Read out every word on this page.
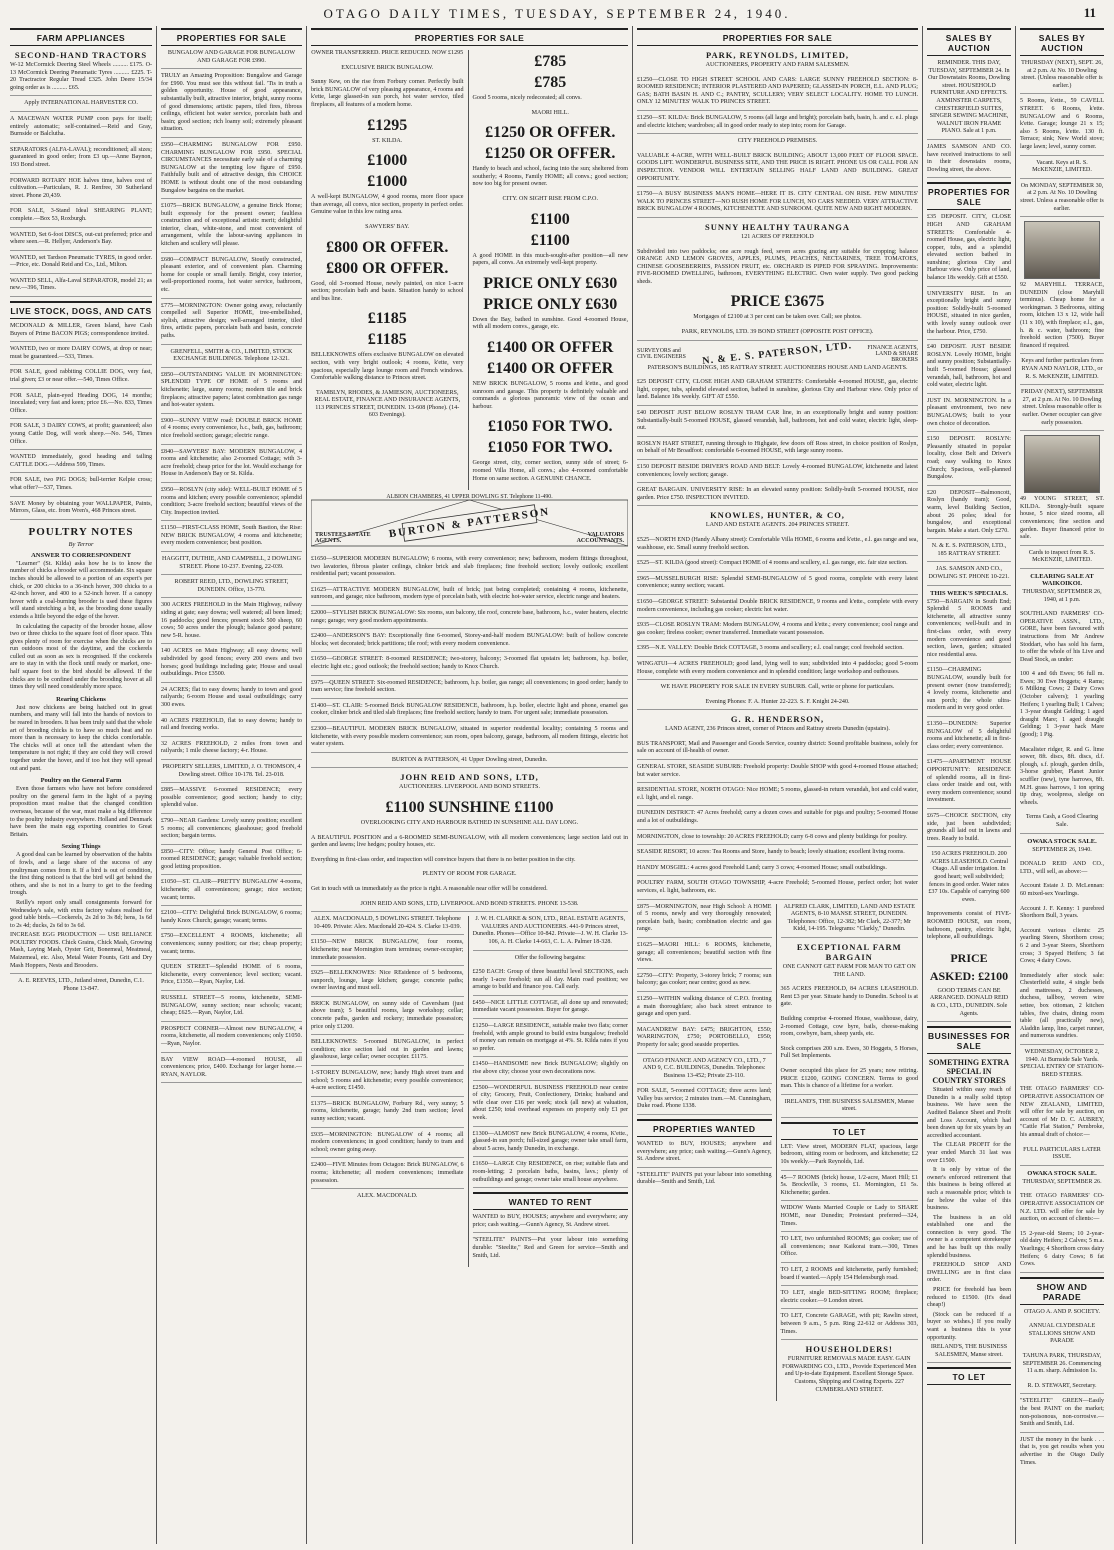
OTAGO DAILY TIMES, TUESDAY, SEPTEMBER 24, 1940.	11
FARM APPLIANCES
SECOND-HAND TRACTORS
W-12 McCormick Deering Steel Wheels .......... £175. O-13 McCormick Deering Pneumatic Tyres .......... £225. T-20 Tractractor Regular Tread £325. John Deere 15/34 going order as is .......... £65.
Apply INTERNATIONAL HARVESTER CO.
A MACEWAN WATER PUMP coon pays for itself; entirely automatic; self-contained.—Reid and Gray, Burnside or Balclutha.
SEPARATORS (ALFA-LAVAL); reconditioned; all sizes; guaranteed in good order; from £3 up.—Anne Baynon, 193 Bond street.
FORWARD ROTARY HOE halves time, halves cost of cultivation.—Particulars, R. J. Renfree, 30 Sutherland street. Phone 20,439.
FOR SALE, 3-Stand Ideal SHEARING PLANT; complete.—Box 53, Roxburgh.
WANTED, Set 6-foot DISCS, out-cut preferred; price and where seen.—R. Hellyer, Anderson's Bay.
WANTED, set Tardson Pneumatic TYRES, in good order.—Price, etc. Donald Reid and Co., Ltd., Milton.
WANTED SELL, Alfa-Laval SEPARATOR, model 21; as new.—396, Times.
LIVE STOCK, DOGS, AND CATS
MCDONALD & MILLER, Green Island, have Cash Buyers of Prime BACON PIGS; correspondence invited.
WANTED, two or more DAIRY COWS, at drop or near; must be guaranteed.—533, Times.
FOR SALE, good rabbiting COLLIE DOG, very fast, trial given; £3 or near offer.—540, Times Office.
FOR SALE, plain-eyed Heading DOG, 14 months; inoculated; very fast and keen; price £6.—No. 833, Times Office.
FOR SALE, 3 DAIRY COWS, at profit; guaranteed; also young Cattle Dog, will work sheep.—No. 546, Times Office.
WANTED immediately, good heading and tailing CATTLE DOG.—Address 599, Times.
FOR SALE, two PIG DOGS; bull-terrier Kelpie cross; what offer?—537, Times.
SAVE Money by obtaining your WALLPAPER, Paints, Mirrors, Glass, etc. from Wren's, 468 Princes street.
POULTRY NOTES
By Terror
ANSWER TO CORRESPONDENT

"Learner" (St. Kilda) asks how he is to know the number of chicks a brooder will accommodate. Six square inches should be allowed to a portion of an expert's per chick, or 200 chicks to a 36-inch hover, 300 chicks to a 42-inch hover, and 400 to a 52-inch hover. If a canopy hover with a coal-burning brooder is used these figures will stand stretching a bit, as the brooding done usually extends a little beyond the edge of the hover.

In calculating the capacity of the brooder house, allow two or three chicks to the square foot of floor space. This gives plenty of room for exercise when the chicks are to run outdoors most of the daytime, and the cockerels culled out as soon as sex is recognised. If the cockerels are to stay in with the flock until ready or market, one-half square foot to the bird should be allowed. If the chicks are to be confined under the brooding hover at all times they will need considerably more space.

Rearing Chickens

Just now chickens are being hatched out in great numbers, and many will fall into the hands of novices to be reared in brooders. It has been truly said that the whole art of brooding chicks is to have so much heat and no more than is necessary to keep the chicks comfortable. The chicks will at once tell the attendant when the temperature is not right; if they are cold they will crowd together under the hover, and if too hot they will spread out and pant.

Poultry on the General Farm

Even those farmers who have not before considered poultry on the general farm in the light of a paying proposition must realise that the changed condition overseas, because of the war, must make a big difference to the poultry industry everywhere. Holland and Denmark have been the main egg exporting countries to Great Britain.

Sexing Things

A good deal can be learned by observation of the habits of fowls, and a large share of the success of any poultryman comes from it. If a bird is out of condition, the first thing noticed is that the bird will get behind the others, and she is not in a hurry to get to the feeding trough.

Reilly's report only small consignments forward for Wednesday's sale, with extra factory values realised for good table birds.—Cockerels, 2s 2d to 3s 8d; hens, 1s 6d to 2s 4d; ducks, 2s 6d to 3s 6d.

INCREASE EGG PRODUCTION — USE RELIANCE POULTRY FOODS. Chick Grains, Chick Mash, Growing Mash, Laying Mash, Oyster Grit, Bonemeal, Meatmeal, Maizemeal, etc. Also, Metal Water Founts, Grit and Dry Mash Hoppers, Nests and Brooders.
A. E. REEVES, LTD., Jutland street, Dunedin, C.1. Phone 13-847.
PROPERTIES FOR SALE
BUNGALOW AND GARAGE FOR BUNGALOW AND GARAGE FOR £990.
TRULY an Amazing Proposition: Bungalow and Garage for £990. You must see this without fail. 'Tis in truth a golden opportunity. House of good appearance, substantially built, attractive interior, bright, sunny rooms of good dimensions; artistic papers, tiled fires, fibrous ceilings, efficient hot water service, porcelain bath and basin; good section; rich loamy soil; extremely pleasant situation.
£950—CHARMING BUNGALOW FOR £950. CHARMING BUNGALOW FOR £950. SPECIAL CIRCUMSTANCES necessitate early sale of a charming BUNGALOW at the tempting low figure of £950. Faithfully built and of attractive design, this CHOICE HOME is without doubt one of the most outstanding Bungalow bargains on the market.
£1075—BRICK BUNGALOW, a genuine Brick Home; built expressly for the present owner; faultless construction and of exceptional artistic merit; delightful interior, clean, white-stone, and most convenient of arrangement, while the labour-saving appliances in kitchen and scullery will please.
£680—COMPACT BUNGALOW, Stoutly constructed, pleasant exterior, and of convenient plan. Charming home for couple or small family. Bright, cosy interior, well-proportioned rooms, hot water service, bathroom, etc.
£775—MORNINGTON: Owner going away, reluctantly compelled sell Superior HOME, tree-embellished, stylish, attractive design; well-arranged interior, tiled fires, artistic papers, porcelain bath and basin, concrete paths.
GRENFELL, SMITH & CO., LIMITED, STOCK EXCHANGE BUILDINGS. Telephone 12-321.
£850—OUTSTANDING VALUE IN MORNINGTON: SPLENDID TYPE OF HOME of 5 rooms and kitchenette; large, sunny rooms; modern tile and brick fireplaces; attractive papers; latest combination gas range and hot-water system.
£900—SUNNY VIEW road: DOUBLE BRICK HOME of 4 rooms; every convenience, h.c., bath, gas, bathroom; nice freehold section; garage; electric range.
£840—SAWYERS' BAY: MODERN BUNGALOW, 4 rooms and kitchenette; also 2-roomed Cottage; with 3-acre freehold; cheap price for the lot. Would exchange for House in Anderson's Bay or St. Kilda.
£950—ROSLYN (city side): WELL-BUILT HOME of 5 rooms and kitchen; every possible convenience; splendid condition; 3-acre freehold section; beautiful views of the City. Inspection invited.
£1150—FIRST-CLASS HOME, South Bastion, the Rise: NEW BRICK BUNGALOW, 4 rooms and kitchenette; every modern convenience; best position.
HAGGITT, DUTHIE, AND CAMPBELL, 2 DOWLING STREET. Phone 10-237. Evening, 22-039.
ROBERT REED, LTD., DOWLING STREET, DUNEDIN. Office, 13-770.
300 ACRES FREEHOLD in the Main Highway, railway siding at gate; easy downs; well watered; all been limed; 16 paddocks; good fences; present stock 500 sheep, 60 cows; 50 acres under the plough; balance good pasture; new 5-R. house.
140 ACRES on Main Highway; all easy downs; well subdivided by good fences; every 200 ewes and two horses; good buildings including gate; House and usual outbuildings. Price £3500.
24 ACRES; flat to easy downs; handy to town and good railyards; 6-room House and usual outbuildings; carry 300 ewes.
40 ACRES FREEHOLD, flat to easy downs; handy to rail and freezing works.
32 ACRES FREEHOLD, 2 miles from town and railyards; 1 mile cheese factory; 4-r. House.
PROPERTY SELLERS, LIMITED, J. O. THOMSON, 4 Dowling street. Office 10-178. Tel. 23-018.
£885—MASSIVE 6-roomed RESIDENCE; every possible convenience; good section; handy to city; splendid value.
£790—NEAR Gardens: Lovely sunny position; excellent 5 rooms; all conveniences; glasshouse; good freehold section; bargain terms.
£850—CITY: Office; handy General Post Office; 6-roomed RESIDENCE; garage; valuable freehold section; good letting proposition.
£1050—ST. CLAIR—PRETTY BUNGALOW 4-rooms, kitchenette; all conveniences; garage; nice section; vacant; terms.
£2100—CITY: Delightful Brick BUNGALOW, 6 rooms; handy Knox Church; garage; vacant; terms.
£750—EXCELLENT 4 ROOMS, kitchenette; all conveniences; sunny position; car rise; cheap property; vacant; terms.
QUEEN STREET—Splendid HOME of 6 rooms, kitchenette, every convenience; level section; vacant. Price, £1350.—Ryan, Naylor, Ltd.
RUSSELL STREET—5 rooms, kitchenette, SEMI-BUNGALOW, sunny section; near schools; vacant; cheap; £625.—Ryan, Naylor, Ltd.
PROSPECT CORNER—Almost new BUNGALOW, 4 rooms, kitchenette, all modern conveniences; only £1050.—Ryan, Naylor.
BAY VIEW ROAD—4-roomed HOUSE, all conveniences; price, £400. Exchange for larger home.—RYAN, NAYLOR.
PROPERTIES FOR SALE
OWNER TRANSFERRED. PRICE REDUCED. NOW £1295
EXCLUSIVE BRICK BUNGALOW.
Sunny Kew, on the rise from Forbury corner. Perfectly built brick BUNGALOW of very pleasing appearance, 4 rooms and k'ette, large glassed-in sun porch, hot water service, tiled fireplaces, all features of a modern home.
£1295
ST. KILDA.
£1000
£1000
A well-kept BUNGALOW, 4 good rooms, more floor space than average, all convs, nice section, property in perfect order. Genuine value in this low rating area.
SAWYERS' BAY.
£800 OR OFFER.
£800 OR OFFER.
Good, old 3-roomed House, newly painted, on nice 1-acre section; porcelain bath and basin. Situation handy to school and bus line.
£1185
£1185
BELLEKNOWES offers exclusive BUNGALOW on elevated section, with very bright outlook; 4 rooms, k'ette, very spacious, especially large lounge room and French windows. Comfortable walking distance to Princes street.
TAMBLYN, RHODES, & JAMIESON, AUCTIONEERS, REAL ESTATE, FINANCE AND INSURANCE AGENTS, 113 PRINCES STREET, DUNEDIN. 13-608 (Phone). (14-603 Evenings).
£785
£785
Good 5 rooms, nicely redecorated; all convs.
MAORI HILL.
£1250 OR OFFER.
£1250 OR OFFER.
Handy to beach and school, facing into the sun; sheltered from southerly; 4 Rooms, Family HOME; all convs.; good section; now too big for present owner.
CITY. ON SIGHT RISE FROM C.P.O.
£1100
£1100
A good HOME in this much-sought-after position—all new papers, all convs. An extremely well-kept property.
PRICE ONLY £630
PRICE ONLY £630
Down the Bay, bathed in sunshine. Good 4-roomed House, with all modern convs., garage, etc.
£1400 OR OFFER
£1400 OR OFFER
NEW BRICK BUNGALOW, 5 rooms and k'ette., and good sunroom and garage. This property is definitely valuable and commands a glorious panoramic view of the ocean and harbour.
£1050 FOR TWO.
£1050 FOR TWO.
George street, city, corner section, sunny side of street; 6-roomed Villa Home, all convs.; also 4-roomed comfortable Home on same section. A GENUINE CHANCE.
ALBION CHAMBERS, 41 UPPER DOWLING ST. Telephone 11-490.
BURTON & PATTERSON
TRUSTEES ESTATE AGENTS.
VALUATORS ACCOUNTANTS.
£1650—SUPERIOR MODERN BUNGALOW; 6 rooms, with every convenience; new; bathroom, modern fittings throughout, two lavatories, fibrous plaster ceilings, clinker brick and slab fireplaces; fine freehold section; lovely outlook; excellent residential part; vacant possession.
£1625—ATTRACTIVE MODERN BUNGALOW, built of brick; just being completed; containing 4 rooms, kitchenette, sunroom, and garage; nice bathroom, modern type of porcelain bath, with electric hot-water service, electric range and heaters.
£2000—STYLISH BRICK BUNGALOW: Six rooms, sun balcony, tile roof, concrete base, bathroom, h.c., water heaters, electric range; garage; very good modern appointments.
£2400—ANDERSON'S BAY: Exceptionally fine 6-roomed, Storey-and-half modern BUNGALOW: built of hollow concrete blocks; wet decorated; brick partitions; tile roof; with every modern convenience.
£1650—GEORGE STREET: 8-roomed RESIDENCE; two-storey, balcony; 3-roomed flat upstairs let; bathroom, h.p. boiler, electric light etc.; good outlook; the freehold section; handy to Knox Church.
£975—QUEEN STREET: Six-roomed RESIDENCE; bathroom, h.p. boiler, gas range; all conveniences; in good order; handy to tram service; fine freehold section.
£1400—ST. CLAIR: 5-roomed Brick BUNGALOW RESIDENCE, bathroom, h.p. boiler, electric light and phone, enamel gas cooker, clinker brick and tiled slab fireplaces; fine freehold section; handy to tram. For urgent sale; immediate possession.
£2300—BEAUTIFUL MODERN BRICK BUNGALOW, situated in superior residential locality; containing 5 rooms and kitchenette, with every possible modern convenience; sun room, open balcony, garage, bathroom, all modern fittings, electric hot water system.
BURTON & PATTERSON, 41 Upper Dowling street, Dunedin.
JOHN REID AND SONS, LTD,
AUCTIONEERS. LIVERPOOL AND BOND STREETS.
£1100 SUNSHINE £1100
OVERLOOKING CITY AND HARBOUR BATHED IN SUNSHINE ALL DAY LONG.
A BEAUTIFUL POSITION and a 6-ROOMED SEMI-BUNGALOW, with all modern conveniences; large section laid out in garden and lawns; live hedges; poultry houses, etc.
Everything in first-class order, and inspection will convince buyers that there is no better position in the city.
PLENTY OF ROOM FOR GARAGE.
Get in touch with us immediately as the price is right. A reasonable near offer will be considered.
JOHN REID AND SONS, LTD, LIVERPOOL AND BOND STREETS. PHONE 13-538.
ALEX. MACDONALD, 5 DOWLING STREET. Telephone 10-409. Private: Alex. Macdonald 20-424. S. Clarke 13-039.
£1150—NEW BRICK BUNGALOW, four rooms, kitchenette; near Mornington tram terminus; owner-occupier; immediate possession.
£925—BELLEKNOWES: Nice REsidence of 5 bedrooms, sunporch, lounge, large kitchen; garage; concrete paths; owner leaving and must sell.
BRICK BUNGALOW, on sunny side of Caversham (just above tram); 5 beautiful rooms, large workshop; cellar; concrete paths, garden and rockery; immediate possession; price only £1200.
BELLEKNOWES: 5-roomed BUNGALOW, in perfect condition; nice section laid out in garden and lawns; glasshouse, large cellar; owner occupier. £1175.
1-STOREY BUNGALOW, new; handy High street tram and school; 5 rooms and kitchenette; every possible convenience; 4-acre section; £1450.
£1375—BRICK BUNGALOW, Forbury Rd., very sunny; 5 rooms, kitchenette, garage; handy 2nd tram section; level sunny section; vacant.
£935—MORNINGTON: BUNGALOW of 4 rooms; all modern conveniences; in good condition; handy to tram and school; owner going away.
£2400—FIVE Minutes from Octagon: Brick BUNGALOW, 6 rooms; kitchenette; all modern conveniences; immediate possession.
ALEX. MACDONALD.
J. W. H. CLARKE & SON, LTD., REAL ESTATE AGENTS, VALUERS AND AUCTIONEERS. 441-9 Princes street, Dunedin. Phones—Office 10-842. Private—J. W. H. Clarke 13-106, A. H. Clarke 14-663, C. L. A. Palmer 18-328.
Offer the following bargains:
£250 EACH: Group of three beautiful level SECTIONS, each nearly 1-acre freehold; sun all day. Main road position; we arrange to build and finance you. Call early.
£450—NICE LITTLE COTTAGE, all done up and renovated; immediate vacant possession. Buyer for garage.
£1250—LARGE RESIDENCE, suitable make two flats; corner freehold, with ample ground to build extra bungalow; freehold of money can remain on mortgage at 4%. St. Kilda rates if you so prefer.
£1450—HANDSOME new Brick BUNGALOW; slightly on rise above city; choose your own decorations now.
£2500—WONDERFUL BUSINESS FREEHOLD near centre of city; Grocery, Fruit, Confectionery, Drinks; husband and wife clear over £16 per week; stock (all new) at valuation, about £250; total overhead expenses on property only £1 per week.
£1300—ALMOST new Brick BUNGALOW, 4 rooms, K'ette., glassed-in sun porch; full-sized garage; owner take small farm, about 5 acres, handy Dunedin, in exchange.
£1650—LARGE City RESIDENCE, on rise; suitable flats and room-letting; 2 porcelain baths, basins, lavs.; plenty of outbuildings and garage; owner take small house anywhere.
WANTED TO RENT
WANTED to BUY, HOUSES; anywhere and everywhere; any price; cash waiting.—Gunn's Agency, St. Andrew street.
"STEELITE" PAINTS—Put your labour into something durable: "Steelite," Red and Green for service—Smith and Smith, Ltd.
PROPERTIES FOR SALE
PARK, REYNOLDS, LIMITED,
AUCTIONEERS, PROPERTY AND FARM SALESMEN.
£1250—CLOSE TO HIGH STREET SCHOOL AND CARS: LARGE SUNNY FREEHOLD SECTION: 8-ROOMED RESIDENCE; INTERIOR PLASTERED AND PAPERED; GLASSED-IN PORCH, E.L. AND PLUG; GAS; BATH BASIN H. AND C.; PANTRY, SCULLERY; VERY SELECT LOCALITY. HOME TO LUNCH. ONLY 12 MINUTES' WALK TO PRINCES STREET.
£1250—ST. KILDA: Brick BUNGALOW, 5 rooms (all large and bright); porcelain bath, basin, h. and c. e.l. plugs and electric kitchen; wardrobes; all in good order ready to step into; room for Garage.
CITY FREEHOLD PREMISES.
VALUABLE 4-ACRE, WITH WELL-BUILT BRICK BUILDING; ABOUT 13,000 FEET OF FLOOR SPACE. GOODS LIFT. WONDERFUL BUSINESS SITE, AND THE PRICE IS RIGHT. PHONE US OR CALL FOR AN INSPECTION. VENDOR WILL ENTERTAIN SELLING HALF LAND AND BUILDING. GREAT OPPORTUNITY.
£1750—A BUSY BUSINESS MAN'S HOME—HERE IT IS. CITY CENTRAL ON RISE. FEW MINUTES' WALK TO PRINCES STREET—NO RUSH HOME FOR LUNCH, NO CARS NEEDED. VERY ATTRACTIVE BRICK BUNGALOW 4 ROOMS, KITCHENETTE AND SUNROOM. QUITE NEW AND RIGHT MODERN.
SUNNY HEALTHY TAURANGA
121 ACRES OF FREEHOLD
Subdivided into two paddocks; one acre rough feed, seven acres grazing any suitable for cropping; balance ORANGE AND LEMON GROVES, APPLES, PLUMS, PEACHES, NECTARINES, TREE TOMATOES, CHINESE GOOSEBERRIES, PASSION FRUIT, etc. ORCHARD IS PIPED FOR SPRAYING. Improvements: FIVE-ROOMED DWELLING, bathroom, EVERYTHING ELECTRIC. Own water supply. Two good packing sheds.
PRICE £3675
Mortgages of £2100 at 3 per cent can be taken over. Call; see photos.
PARK, REYNOLDS, LTD. 39 BOND STREET (OPPOSITE POST OFFICE).
SURVEYORS and CIVIL ENGINEERS	N. & E. S. PATERSON, LTD.	FINANCE AGENTS, LAND & SHARE BROKERS
PATERSON'S BUILDINGS, 185 RATTRAY STREET. AUCTIONEERS HOUSE AND LAND AGENTS.
£25 DEPOSIT CITY, CLOSE HIGH AND GRAHAM STREETS: Comfortable 4-roomed HOUSE, gas, electric light, copper, tubs, splendid elevated section, bathed in sunshine, glorious City and Harbour view. Only price of land. Balance 18s weekly. GIFT AT £550.
£40 DEPOSIT JUST BELOW ROSLYN TRAM CAR line, in an exceptionally bright and sunny position: Substantially-built 5-roomed HOUSE, glassed verandah, hall, bathroom, hot and cold water, electric light, sleep-out.
ROSLYN HART STREET, running through to Highgate, few doors off Ross street, in choice position of Roslyn, on behalf of Mr Broadfoot: comfortable 6-roomed HOUSE, with large sunny rooms.
£150 DEPOSIT BESIDE DRIVER'S ROAD AND BELT: Lovely 4-roomed BUNGALOW, kitchenette and latest conveniences; lovely section; garage.
GREAT BARGAIN. UNIVERSITY RISE: In an elevated sunny position: Solidly-built 5-roomed HOUSE, nice garden. Price £750. INSPECTION INVITED.
KNOWLES, HUNTER, & CO,
LAND AND ESTATE AGENTS. 204 PRINCES STREET.
£525—NORTH END (Handy Albany street): Comfortable Villa HOME, 6 rooms and k'ette., e.l. gas range and sea, washhouse, etc. Small sunny freehold section.
£525—ST. KILDA (good street): Compact HOME of 4 rooms and scullery, e.l. gas range, etc. fair size section.
£965—MUSSELBURGH RISE: Splendid SEMI-BUNGALOW of 5 good rooms, complete with every latest convenience; sunny section; vacant.
£1650—GEORGE STREET: Substantial Double BRICK RESIDENCE, 9 rooms and k'ette., complete with every modern convenience, including gas cooker; electric hot water.
£935—CLOSE ROSLYN TRAM: Modern BUNGALOW, 4 rooms and k'ette.; every convenience; cool range and gas cooker; fireless cooker; owner transferred. Immediate vacant possession.
£395—N.E. VALLEY: Double Brick COTTAGE, 3 rooms and scullery; e.l. coal range; cool freehold section.
WINGATUI—4 ACRES FREEHOLD; good land, lying well to sun; subdivided into 4 paddocks; good 5-room House, complete with every modern convenience and in splendid condition; large workshop and outhouses.
WE HAVE PROPERTY FOR SALE IN EVERY SUBURB. Call, write or phone for particulars.
Evening Phones: F. A. Hunter 22-223. S. F. Knight 24-240.
G. R. HENDERSON,
LAND AGENT, 236 Princes street, corner of Princes and Rattray streets Dunedin (upstairs).
BUS TRANSPORT, Mail and Passenger and Goods Service, country district: Sound profitable business, solely for sale on account of ill-health of owner.
GENERAL STORE, SEASIDE SUBURB: Freehold property: Double SHOP with good 4-roomed House attached; but water service.
RESIDENTIAL STORE, NORTH OTAGO: Nice HOME; 5 rooms, glassed-in return verandah, hot and cold water, e.l. light, and el. range.
DUNEDIN DISTRICT: 47 Acres freehold; carry a dozen cows and suitable for pigs and poultry; 5-roomed House and a lot of outbuildings.
MORNINGTON, close to township: 20 ACRES FREEHOLD; carry 6-8 cows and plenty buildings for poultry.
SEASIDE RESORT, 10 acres: Tea Rooms and Store, handy to beach; lovely situation; excellent living rooms.
HANDY MOSGIEL: 4 acres good Freehold Land; carry 3 cows; 4-roomed House; small outbuildings.
POULTRY FARM, SOUTH OTAGO TOWNSHIP, 4-acre Freehold; 5-roomed House, perfect order; hot water services, el. light, bathroom, etc.
£875—MORNINGTON, near High School: A HOME of 5 rooms, newly and very thoroughly renovated; porcelain bath, basin; combination electric and gas range.
£1625—MAORI HILL: 6 ROOMS, kitchenette, garage; all conveniences; beautiful section with fine views.
£2750—CITY: Property, 3-storey brick; 7 rooms; sun balcony; gas cooker; near centre; good as new.
£1250—WITHIN walking distance of C.P.O. fronting a main thoroughfare; also back street entrance to garage and open yard.
MACANDREW BAY: £475; BRIGHTON, £550; WARRINGTON, £750; PORTOBELLO, £950; Property for sale; good seaside properties.
OTAGO FINANCE AND AGENCY CO., LTD., 7 AND 9, C.C. BUILDINGS, Dunedin. Telephones: Business 13-452; Private 23-110.
FOR SALE, 5-roomed COTTAGE; three acres land; Valley bus service; 2 minutes tram.—M. Cunningham, Duke road. Phone 1338.
PROPERTIES WANTED
WANTED to BUY, HOUSES; anywhere and everywhere; any price; cash waiting.—Gunn's Agency, St. Andrew street.
"STEELITE" PAINTS put your labour into something durable—Smith and Smith, Ltd.
ALFRED CLARK, LIMITED, LAND AND ESTATE AGENTS, 8-10 MANSE STREET, DUNEDIN. Telephones: Office, 12-382; Mr Clark, 22-377; Mr Kidd, 14-195. Telegrams: "Clarkly," Dunedin.
EXCEPTIONAL FARM BARGAIN
ONE CANNOT GET FARM FOR MAN TO GET ON THE LAND.
365 ACRES FREEHOLD, 84 ACRES LEASEHOLD. Rent £3 per year. Situate handy to Dunedin. School is at gate.
Building comprise 4-roomed House, washhouse, dairy, 2-roomed Cottage, cow byre, bails, cheese-making room, cowbyre, barn, sheep yards, etc.
Stock comprises 200 s.m. Ewes, 30 Hoggets, 5 Horses, Full Set Implements.
Owner occupied this place for 25 years; now retiring. PRICE £1200, GOING CONCERN. Terms to good man. This is chance of a lifetime for a worker.
IRELAND'S, THE BUSINESS SALESMEN, Manse street.
TO LET
LET: View street, MODERN FLAT, spacious, large bedroom, sitting room or bedroom, and kitchenette; £2 10s weekly.—Park Reynolds, Ltd.
45—7 ROOMS (brick) house, 1/2-acre, Maori Hill; £1 5s. Brockville, 3 rooms, £1. Mornington, £1 5s. Kitchenette; garden.
WIDOW Wants Married Couple or Lady to SHARE HOME, near Dunedin; Protestant preferred—324, Times.
TO LET, two unfurnished ROOMS; gas cooker; use of all conveniences; near Kaikorai tram.—300, Times Office.
TO LET, 2 ROOMS and kitchenette, partly furnished; board if wanted.—Apply 154 Helensburgh road.
TO LET, single BED-SITTING ROOM; fireplace; electric cooker.—9 London street.
TO LET, Concrete GARAGE, with pit; Rawlin street, between 9 a.m., 5 p.m. Ring 22-612 or Address 303, Times.
HOUSEHOLDERS!
FURNITURE REMOVALS MADE EASY. GAIN FORWARDING CO., LTD., Provide Experienced Men and Up-to-date Equipment. Excellent Storage Space. Customs, Shipping and Costing Experts. 227 CUMBERLAND STREET.
SALES BY AUCTION
REMINDER. THIS DAY, TUESDAY, SEPTEMBER 24. In Our Downstairs Rooms, Dowling street. HOUSEHOLD FURNITURE AND EFFECTS. AXMINSTER CARPETS, CHESTERFIELD SUITES, SINGER SEWING MACHINE, WALNUT IRON FRAME PIANO. Sale at 1 p.m.
JAMES SAMSON AND CO. have received instructions to sell in their downstairs rooms, Dowling street, the above.
PROPERTIES FOR SALE
£35 DEPOSIT. CITY, CLOSE HIGH AND GRAHAM STREETS: Comfortable 4-roomed House, gas, electric light, copper, tubs, and a splendid elevated section bathed in sunshine; glorious City and Harbour view. Only price of land, balance 18s weekly. Gift at £550.
UNIVERSITY RISE. In an exceptionally bright and sunny position: Solidly-built 5-roomed HOUSE, situated in nice garden, with lovely sunny outlook over the harbour. Price, £750.
£40 DEPOSIT. JUST BESIDE ROSLYN. Lovely HOME, bright and sunny position; Substantially-built 5-roomed House; glassed verandah, hall, bathroom, hot and cold water, electric light.
JUST IN. MORNINGTON. In a pleasant environment, two new BUNGALOWS; built to your own choice of decoration.
£150 DEPOSIT. ROSLYN: Pleasantly situated in popular locality, close Belt and Driver's road; easy walking to Knox Church; Spacious, well-planned Bungalow.
£20 DEPOSIT—Balmoncott, Roslyn (handy tram); Good, warm, level Building Section, about 26 poles; ideal for bungalow, and exceptional bargain. Make a start. Only £270.
N. & E. S. PATERSON, LTD., 185 RATTRAY STREET.
JAS. SAMSON AND CO., DOWLING ST. PHONE 10-221.
THIS WEEK'S SPECIALS.
£750—BARGAIN in South End; Splendid 5 ROOMS and kitchenette, all attractive sunny conveniences; well-built and in first-class order, with every modern convenience and good section, lawn, garden; situated nice residential area.
£1150—CHARMING BUNGALOW, soundly built for present owner (now transferred); 4 lovely rooms, kitchenette and sun porch; the whole ultra-modern and in very good order.
£1350—DUNEDIN: Superior BUNGALOW of 5 delightful rooms and kitchenette; all in first-class order; every convenience.
£1475—APARTMENT HOUSE OPPORTUNITY: RESIDENCE of splendid rooms, all in first-class order inside and out, with every modern convenience; sound investment.
£675—CHOICE SECTION, city side, just been subdivided; grounds all laid out in lawns and trees. Ready to build.
150 ACRES FREEHOLD. 200 ACRES LEASEHOLD. Central Otago. All under irrigation. In good heart; well subdivided; fences in good order. Water rates £37 10s. Capable of carrying 600 ewes.
Improvements consist of FIVE-ROOMED HOUSE, sun room, bathroom, pantry, electric light, telephone, all outbuildings.
PRICE ASKED: £2100
GOOD TERMS CAN BE ARRANGED. DONALD REID & CO., LTD., DUNEDIN. Sole Agents.
BUSINESSES FOR SALE
SOMETHING EXTRA SPECIAL IN COUNTRY STORES

Situated within easy reach of Dunedin is a really solid tiptop business. We have seen the Audited Balance Sheet and Profit and Loss Account, which had been drawn up for six years by an accredited accountant.

The CLEAR PROFIT for the year ended March 31 last was over £1500.

It is only by virtue of the owner's enforced retirement that this business is being offered at such a reasonable price; which is far below the value of this business.

The business is an old established one and the connection is very good. The owner is a competent storekeeper and he has built up this really splendid business.

FREEHOLD SHOP AND DWELLING are in first class order.

PRICE for freehold has been reduced to £1500. (It's dead cheap!)

(Stock can be reduced if a buyer so wishes.) If you really want a business this is your opportunity.

IRELAND'S, THE BUSINESS SALESMEN, Manse street.
TO LET
SALES BY AUCTION
THURSDAY (NEXT), SEPT. 26, at 2 p.m. At No. 10 Dowling street. (Unless reasonable offer is earlier.)
5 Rooms, k'ette., 59 CAVELL STREET. 6 Rooms, k'ette. BUNGALOW and 6 Rooms, k'ette. Garage; lounge 21 x 15; also 5 Rooms, k'ette. 130 ft. Terrace; sink; New World stove; large lawn; level, sunny corner.
Vacant. Keys at R. S. McKENZIE, LIMITED.
On MONDAY, SEPTEMBER 30, at 2 p.m. At No. 10 Dowling street. Unless a reasonable offer is earlier.
92 MARYHILL TERRACE, DUNEDIN (close Maryhill terminus). Cheap home for a workingman. 3 Bedrooms, sitting room, kitchen 13 x 12, wide hall (11 x 10), with fireplace; e.l., gas, h. & c. water, bathroom; fine freehold section (7500). Buyer financed if required.
Keys and further particulars from RYAN AND NAYLOR, LTD., or R. S. McKENZIE, LIMITED.
FRIDAY (NEXT), SEPTEMBER 27, at 2 p.m. At No. 10 Dowling street. Unless reasonable offer is earlier. Owner occupier can give early possession.
49 YOUNG STREET, ST. KILDA. Strongly-built square house, 5 nice sized rooms, all conveniences; fine section and garden. Buyer financed prior to sale.
Cards to inspect from R. S. McKENZIE, LIMITED.
CLEARING SALE AT WAIKOIKOI.
THURSDAY, SEPTEMBER 26, 1940, at 1 p.m.
SOUTHLAND FARMERS' CO-OPERATIVE ASSN., LTD., GORE, have been favoured with instructions from Mr Andrew Stoddart, who has sold his farm, to offer the whole of his Live and Dead Stock, as under:
100 4 and 6th Ewes; 96 full m. Ewes; 30 Ewe Hoggets; 4 Rams; 6 Milking Cows; 2 Dairy Cows (October calvers); 1 yearling Heifers; 1 yearling Bull; 1 Calves; 1 3-year draught Gelding; 1 aged draught Mare; 1 aged draught Gelding; 1 3-year hack Mare (good); 1 Pig.
Macalister ridger, R. and G. lime sower, 8ft. discs, 8ft. discs, d.f. plough, s.f. plough, garden drills, 3-horse grubber, Planet Junior scuffler (new), tyne harrows, 8ft. M.H. grass harrows, 1 ton spring tip dray, woolpress, sledge on wheels.
Terms Cash, a Good Clearing Sale.
OWAKA STOCK SALE.
SEPTEMBER 26, 1940.
DONALD REID AND CO., LTD., will sell, as above:—
Account Estate J. D. McLennan: 60 mixed-sex Yearlings.
Account J. F. Kenny: 1 purebred Shorthorn Bull, 3 years.
Account various clients: 25 yearling Steers, Shorthorn cross; 6 2 and 3-year Steers, Shorthorn cross; 3 Spayed Heifers; 3 fat Cows; 4 dairy Cows.
Immediately after stock sale: Chesterfield suite, 4 single beds and mattresses, 2 duchesses, duchess, tallboy, woven wire settee, box ottoman, 2 kitchen tables, five chairs, dining room table (all practically new), Aladdin lamp, lino, carpet runner, and numerous sundries.
WEDNESDAY, OCTOBER 2, 1940. At Burnside Sale Yards. SPECIAL ENTRY OF STATION-BRED STEERS.
THE OTAGO FARMERS' CO-OPERATIVE ASSOCIATION OF NEW ZEALAND, LIMITED, will offer for sale by auction, on account of Mr D. C. AUBREY, "Cattle Flat Station," Pembroke, his annual draft of choice:—
FULL PARTICULARS LATER ISSUE.
OWAKA STOCK SALE.
THURSDAY, SEPTEMBER 26.
THE OTAGO FARMERS' CO-OPERATIVE ASSOCIATION OF N.Z. LTD. will offer for sale by auction, on account of clients:—
15 2-year-old Steers; 10 2-year-old dairy Heifers; 2 Calves; 5 m.a. Yearlings; 4 Shorthorn cross dairy Heifers; 6 dairy Cows; 8 fat Cows.
SHOW AND PARADE
OTAGO A. AND P. SOCIETY.
ANNUAL CLYDESDALE STALLIONS SHOW AND PARADE
TAHUNA PARK, THURSDAY, SEPTEMBER 26. Commencing 11 a.m. sharp. Admission 1s.
R. D. STEWART, Secretary.
"STEELITE" GREEN—Easily the best PAINT on the market; non-poisonous, non-corrosive.—Smith and Smith, Ltd.
JUST the money in the bank . . . that is, you get results when you advertise in the Otago Daily Times.
